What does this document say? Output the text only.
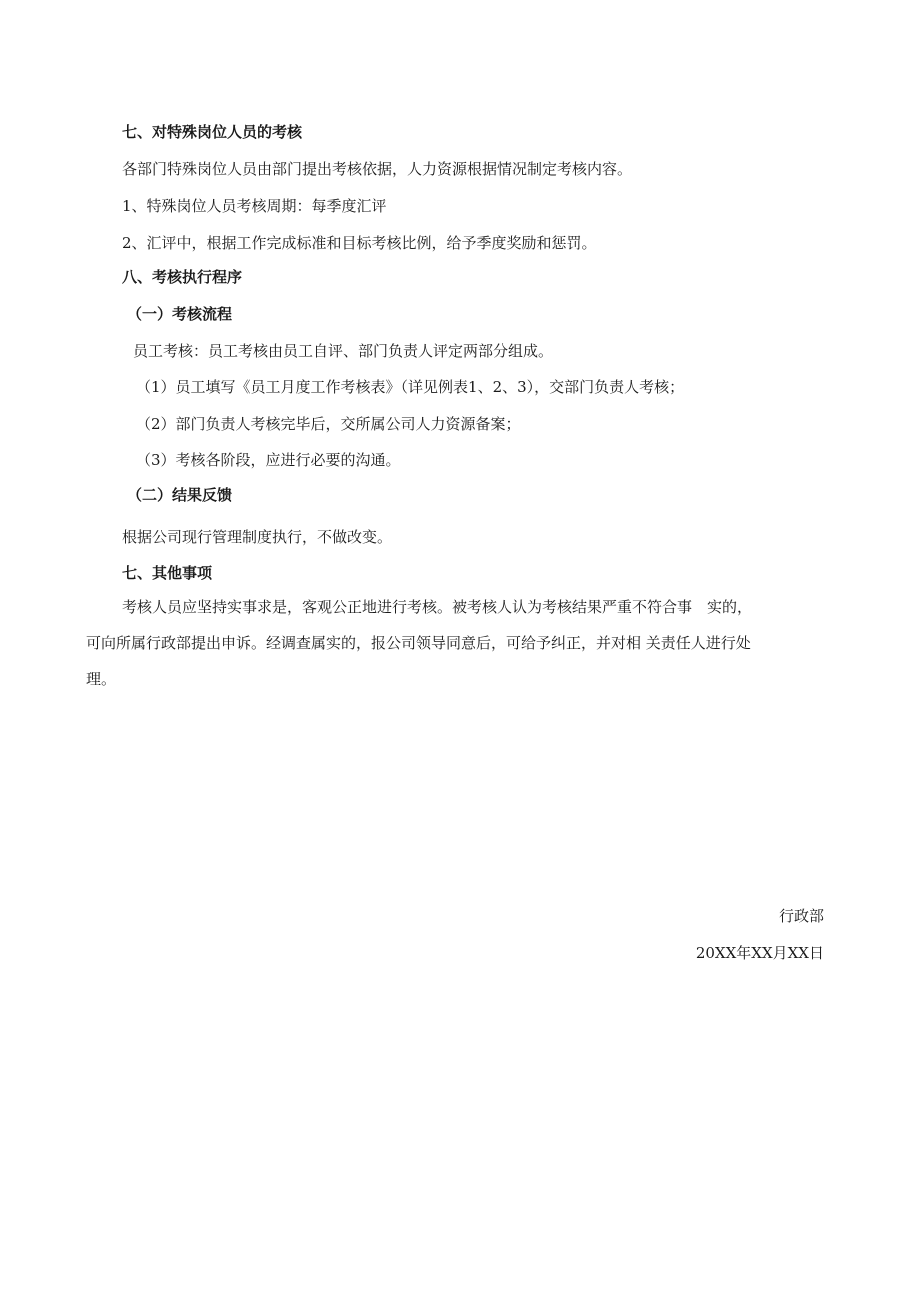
七、对特殊岗位人员的考核

各部门特殊岗位人员由部门提出考核依据，人力资源根据情况制定考核内容。

1、特殊岗位人员考核周期：每季度汇评

2、汇评中，根据工作完成标准和目标考核比例，给予季度奖励和惩罚。

八、考核执行程序

（一）考核流程

员工考核：员工考核由员工自评、部门负责人评定两部分组成。

（1）员工填写《员工月度工作考核表》（详见例表1、2、3），交部门负责人考核；

（2）部门负责人考核完毕后，交所属公司人力资源备案；

（3）考核各阶段，应进行必要的沟通。

（二）结果反馈

根据公司现行管理制度执行，不做改变。

七、其他事项

考核人员应坚持实事求是，客观公正地进行考核。被考核人认为考核结果严重不符合事　实的，

可向所属行政部提出申诉。经调查属实的，报公司领导同意后，可给予纠正，并对相 关责任人进行处

理。

行政部

20XX年XX月XX日
